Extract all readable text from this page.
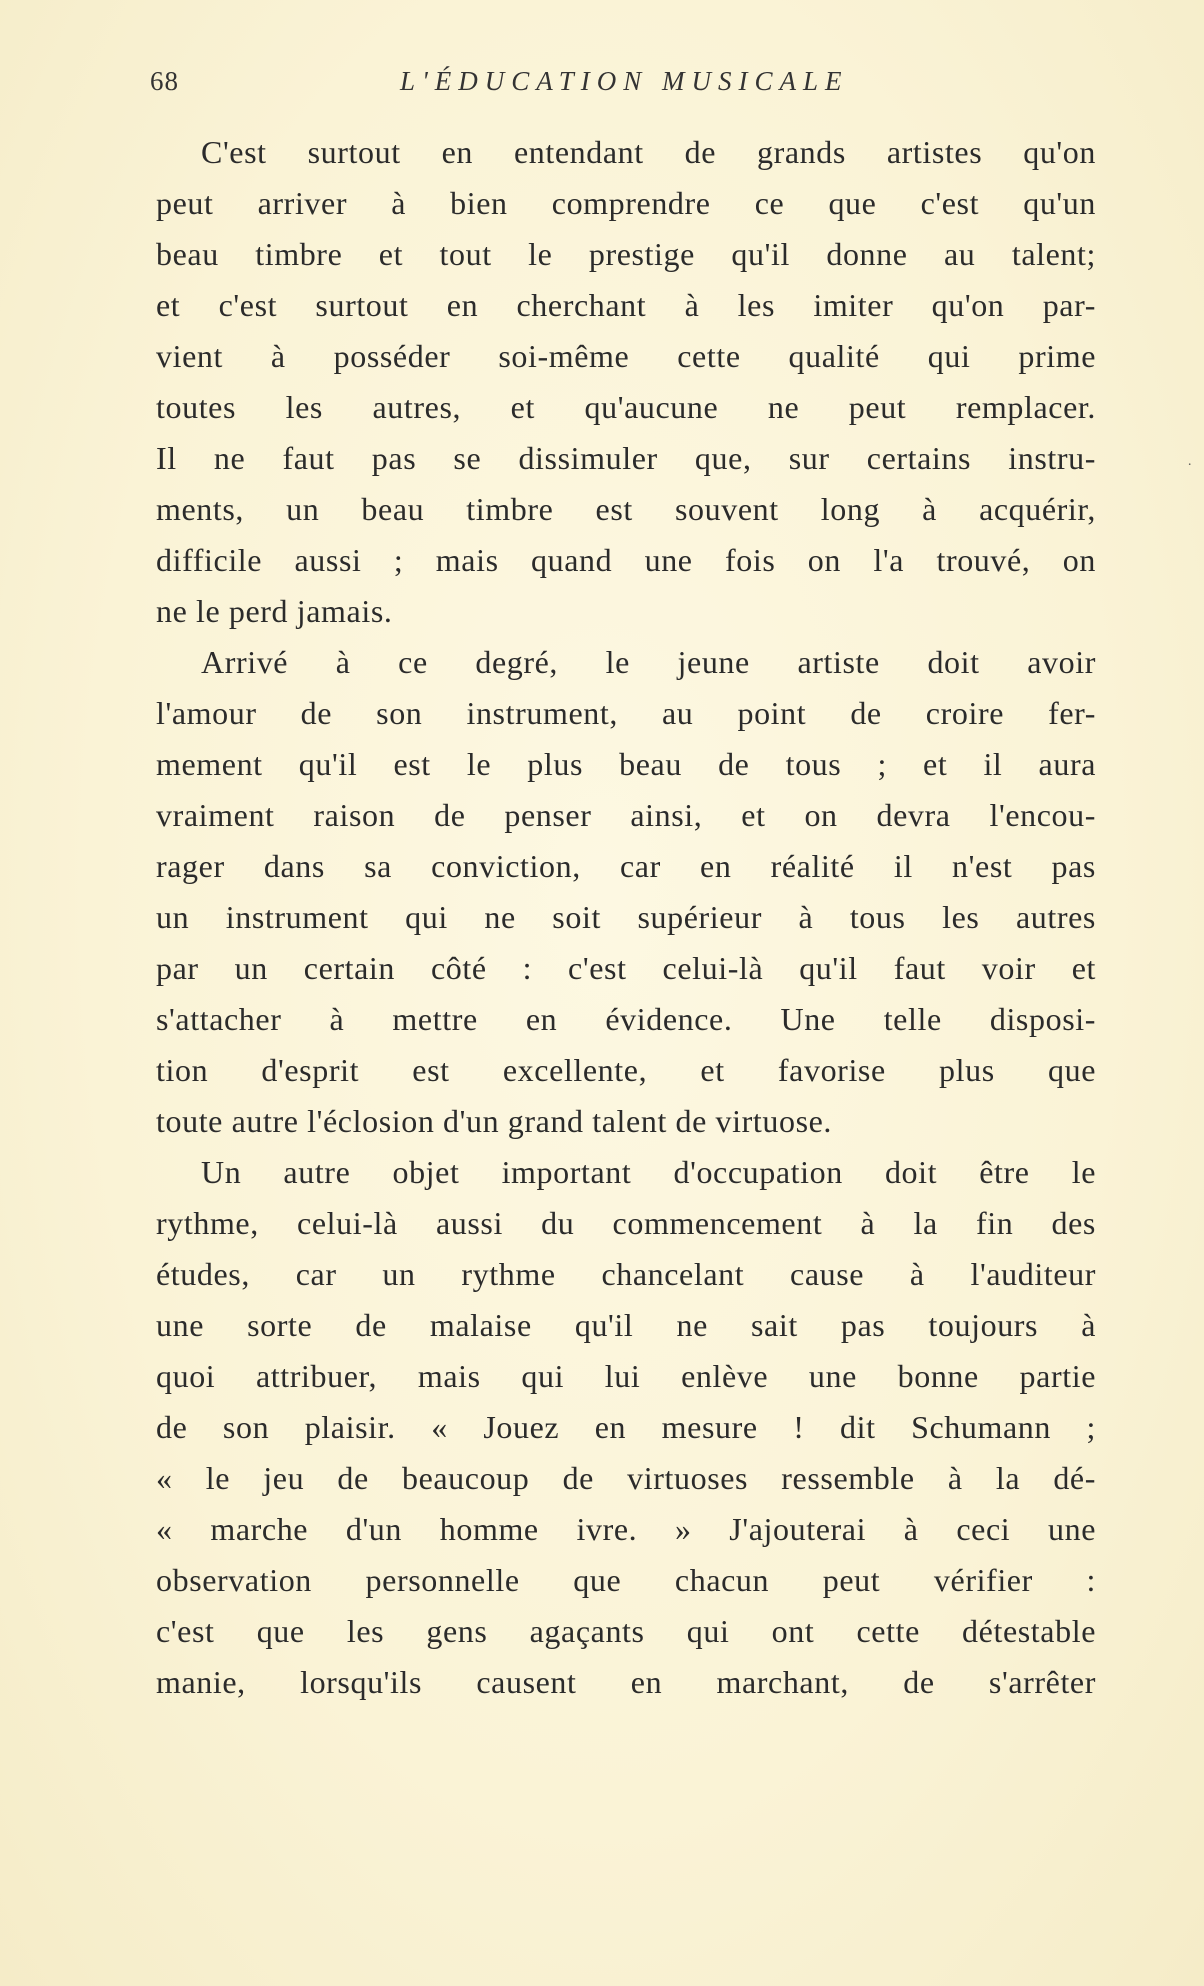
68	L'ÉDUCATION MUSICALE
·
C'est surtout en entendant de grands artistes qu'on
peut arriver à bien comprendre ce que c'est qu'un
beau timbre et tout le prestige qu'il donne au talent;
et c'est surtout en cherchant à les imiter qu'on par-
vient à posséder soi-même cette qualité qui prime
toutes les autres, et qu'aucune ne peut remplacer.
Il ne faut pas se dissimuler que, sur certains instru-
ments, un beau timbre est souvent long à acquérir,
difficile aussi ; mais quand une fois on l'a trouvé, on
ne le perd jamais.
Arrivé à ce degré, le jeune artiste doit avoir
l'amour de son instrument, au point de croire fer-
mement qu'il est le plus beau de tous ; et il aura
vraiment raison de penser ainsi, et on devra l'encou-
rager dans sa conviction, car en réalité il n'est pas
un instrument qui ne soit supérieur à tous les autres
par un certain côté : c'est celui-là qu'il faut voir et
s'attacher à mettre en évidence. Une telle disposi-
tion d'esprit est excellente, et favorise plus que
toute autre l'éclosion d'un grand talent de virtuose.
Un autre objet important d'occupation doit être le
rythme, celui-là aussi du commencement à la fin des
études, car un rythme chancelant cause à l'auditeur
une sorte de malaise qu'il ne sait pas toujours à
quoi attribuer, mais qui lui enlève une bonne partie
de son plaisir. « Jouez en mesure ! dit Schumann ;
« le jeu de beaucoup de virtuoses ressemble à la dé-
« marche d'un homme ivre. » J'ajouterai à ceci une
observation personnelle que chacun peut vérifier :
c'est que les gens agaçants qui ont cette détestable
manie, lorsqu'ils causent en marchant, de s'arrêter
